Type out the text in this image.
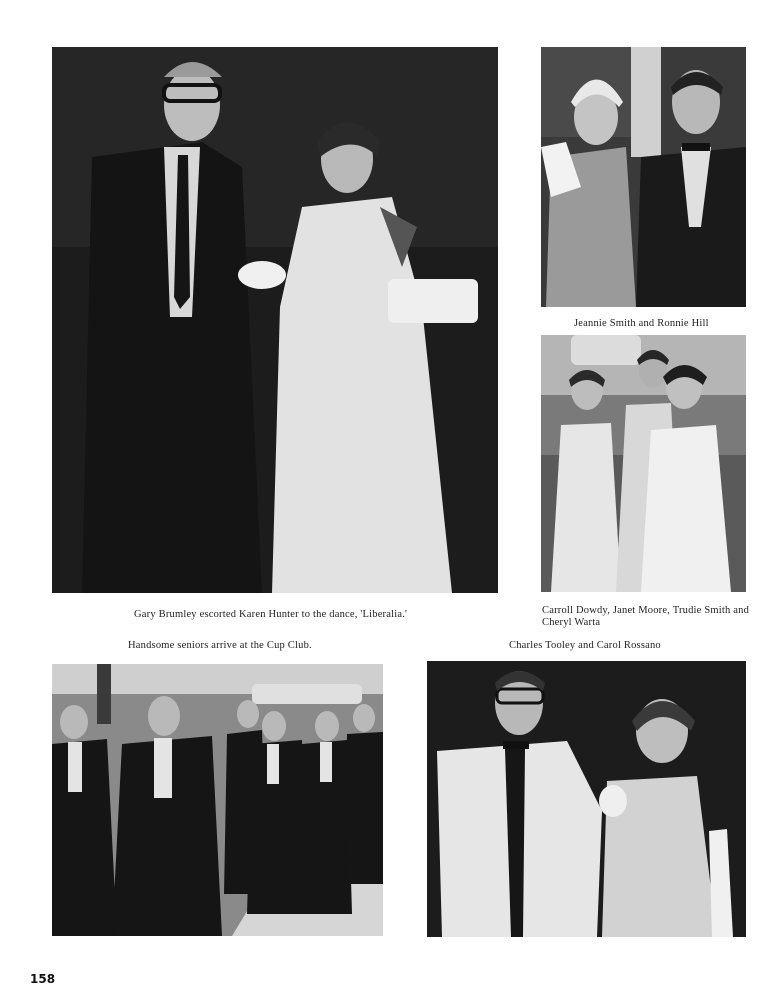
Jeannie Smith and Ronnie Hill
Carroll Dowdy, Janet Moore, Trudie Smith and Cheryl Warta
Gary Brumley escorted Karen Hunter to the dance, 'Liberalia.'
Handsome seniors arrive at the Cup Club.	Charles Tooley and Carol Rossano
158
